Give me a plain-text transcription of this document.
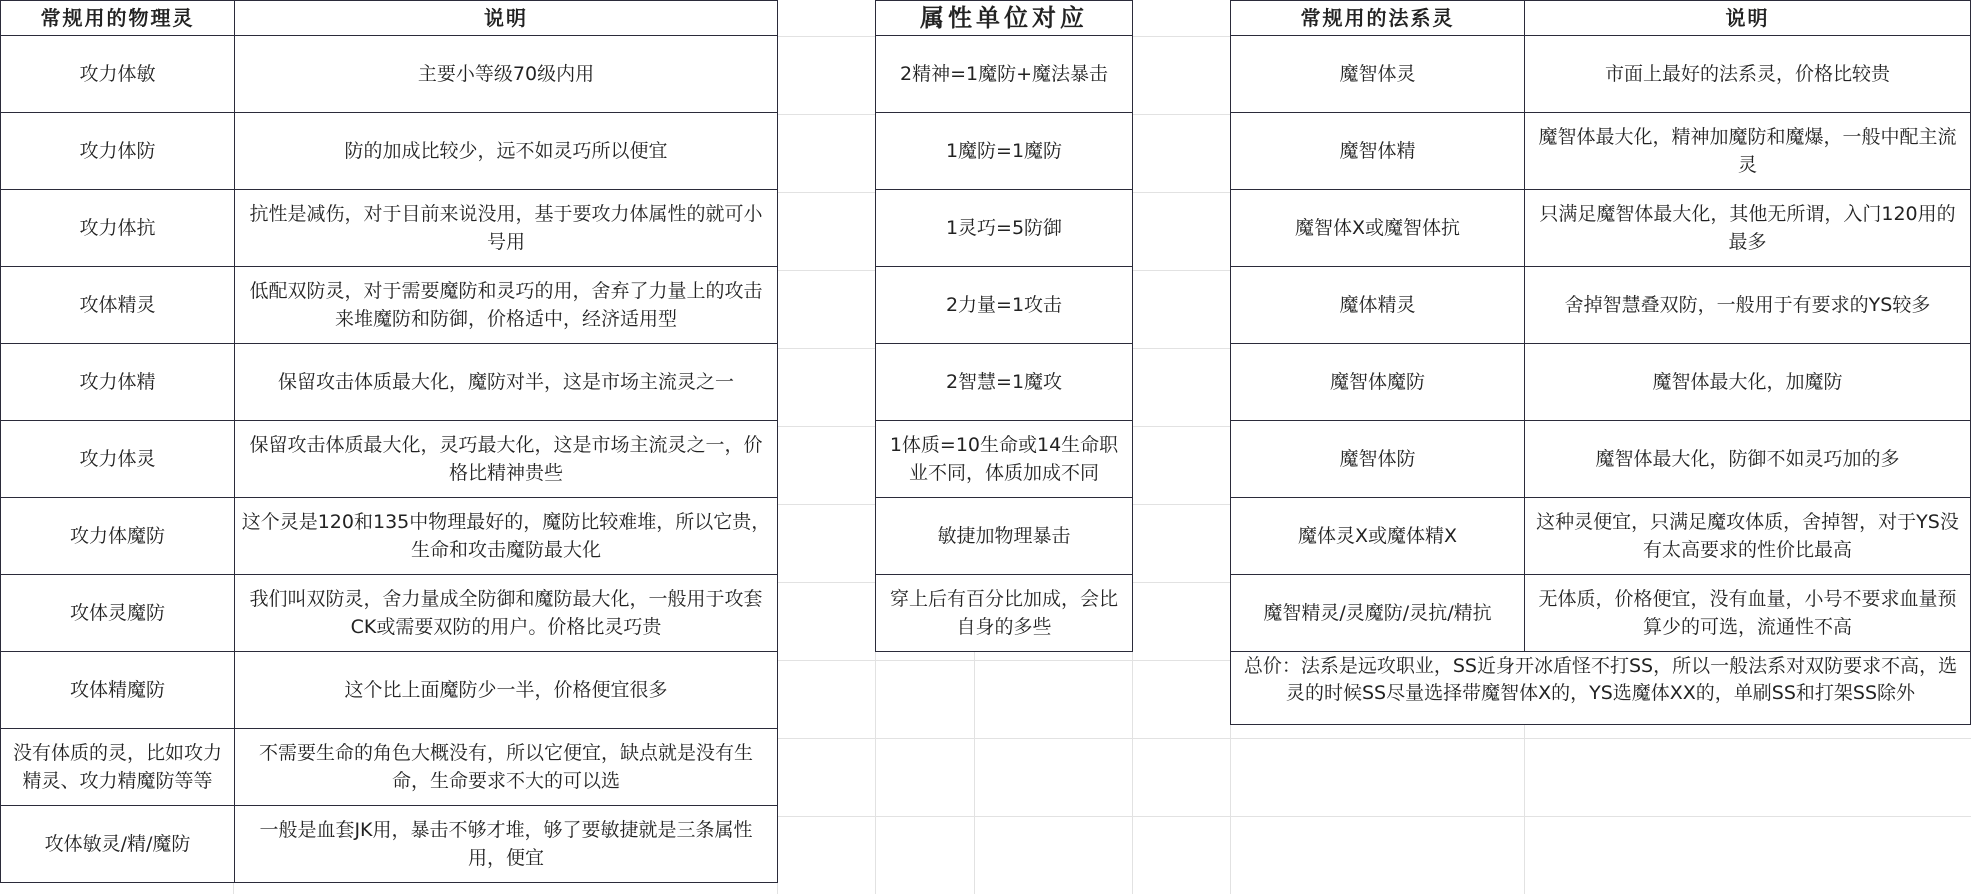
常规用的物理灵	说明
攻力体敏	主要小等级70级内用
攻力体防	防的加成比较少，远不如灵巧所以便宜
攻力体抗	抗性是减伤，对于目前来说没用，基于要攻力体属性的就可小号用
攻体精灵	低配双防灵，对于需要魔防和灵巧的用，舍弃了力量上的攻击来堆魔防和防御，价格适中，经济适用型
攻力体精	保留攻击体质最大化，魔防对半，这是市场主流灵之一
攻力体灵	保留攻击体质最大化，灵巧最大化，这是市场主流灵之一，价格比精神贵些
攻力体魔防	这个灵是120和135中物理最好的，魔防比较难堆，所以它贵，生命和攻击魔防最大化
攻体灵魔防	我们叫双防灵，舍力量成全防御和魔防最大化，一般用于攻套CK或需要双防的用户。价格比灵巧贵
攻体精魔防	这个比上面魔防少一半，价格便宜很多
没有体质的灵，比如攻力精灵、攻力精魔防等等	不需要生命的角色大概没有，所以它便宜，缺点就是没有生命，生命要求不大的可以选
攻体敏灵/精/魔防	一般是血套JK用，暴击不够才堆，够了要敏捷就是三条属性用，便宜
属性单位对应
2精神=1魔防+魔法暴击
1魔防=1魔防
1灵巧=5防御
2力量=1攻击
2智慧=1魔攻
1体质=10生命或14生命职业不同，体质加成不同
敏捷加物理暴击
穿上后有百分比加成，会比自身的多些
常规用的法系灵	说明
魔智体灵	市面上最好的法系灵，价格比较贵
魔智体精	魔智体最大化，精神加魔防和魔爆，一般中配主流灵
魔智体X或魔智体抗	只满足魔智体最大化，其他无所谓，入门120用的最多
魔体精灵	舍掉智慧叠双防，一般用于有要求的YS较多
魔智体魔防	魔智体最大化，加魔防
魔智体防	魔智体最大化，防御不如灵巧加的多
魔体灵X或魔体精X	这种灵便宜，只满足魔攻体质，舍掉智，对于YS没有太高要求的性价比最高
魔智精灵/灵魔防/灵抗/精抗	无体质，价格便宜，没有血量，小号不要求血量预算少的可选，流通性不高

总价：法系是远攻职业，SS近身开冰盾怪不打SS，所以一般法系对双防要求不高，选灵的时候SS尽量选择带魔智体X的，YS选魔体XX的，单刷SS和打架SS除外	
